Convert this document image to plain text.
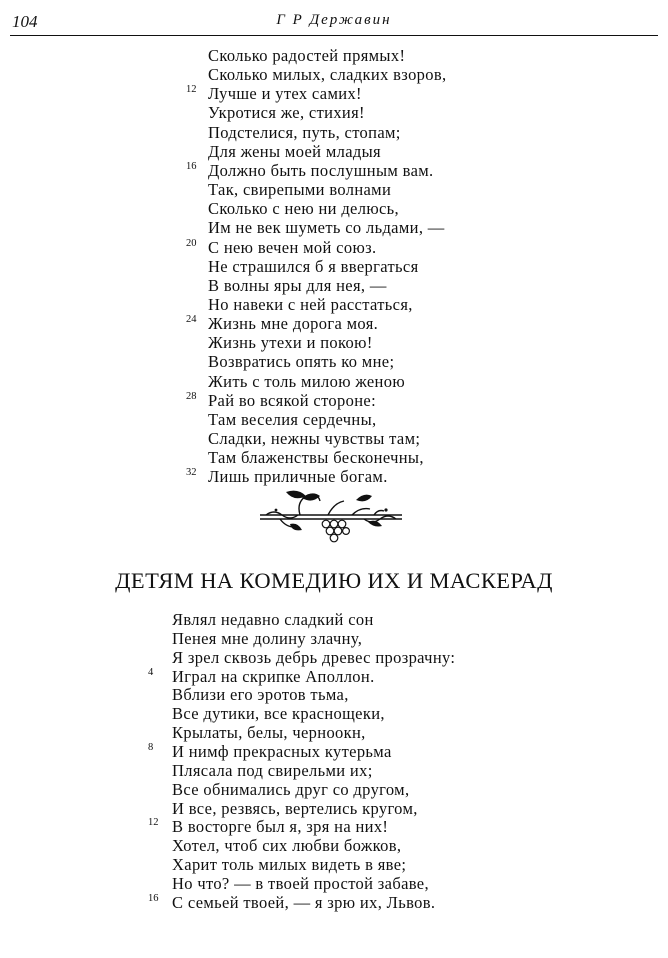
104	Г Р Державин
Сколько радостей прямых!
Сколько милых, сладких взоров,
Лучше и утех самих!
12
Укротися же, стихия!
Подстелися, путь, стопам;
Для жены моей младыя
Должно быть послушным вам.
16
Так, свирепыми волнами
Сколько с нею ни делюсь,
Им не век шуметь со льдами, —
С нею вечен мой союз.
20
Не страшился б я ввергаться
В волны яры для нея, —
Но навеки с ней расстаться,
Жизнь мне дорога моя.
24
Жизнь утехи и покою!
Возвратись опять ко мне;
Жить с толь милою женою
Рай во всякой стороне:
28
Там веселия сердечны,
Сладки, нежны чувствы там;
Там блаженствы бесконечны,
Лишь приличные богам.
32
ДЕТЯМ НА КОМЕДИЮ ИХ И МАСКЕРАД
Являл недавно сладкий сон
Пенея мне долину злачну,
Я зрел сквозь дебрь древес прозрачну:
Играл на скрипке Аполлон.
4
Вблизи его эротов тьма,
Все дутики, все краснощеки,
Крылаты, белы, черноокн,
И нимф прекрасных кутерьма
8
Плясала под свирельми их;
Все обнимались друг со другом,
И все, резвясь, вертелись кругом,
В восторге был я, зря на них!
12
Хотел, чтоб сих любви божков,
Харит толь милых видеть в яве;
Но что? — в твоей простой забаве,
С семьей твоей, — я зрю их, Львов.
16
